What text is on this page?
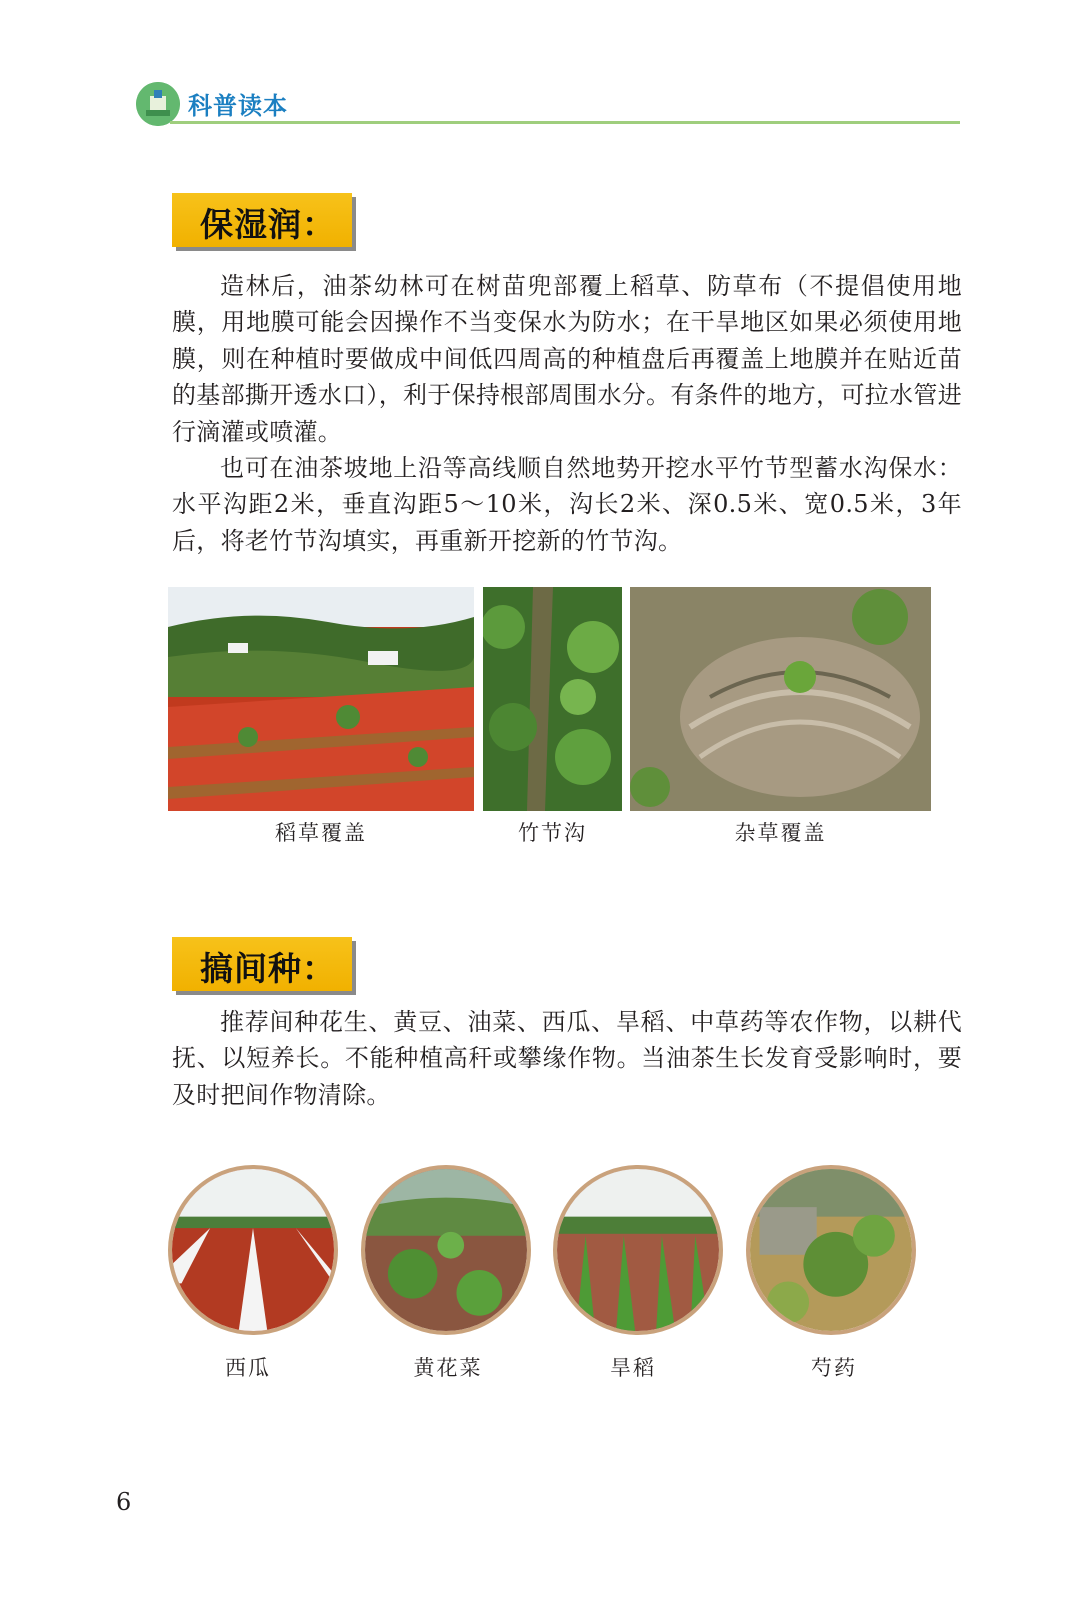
科普读本
保湿润：

造林后，油茶幼林可在树苗兜部覆上稻草、防草布（不提倡使用地膜，用地膜可能会因操作不当变保水为防水；在干旱地区如果必须使用地膜，则在种植时要做成中间低四周高的种植盘后再覆盖上地膜并在贴近苗的基部撕开透水口），利于保持根部周围水分。有条件的地方，可拉水管进行滴灌或喷灌。

也可在油茶坡地上沿等高线顺自然地势开挖水平竹节型蓄水沟保水：水平沟距2米，垂直沟距5～10米，沟长2米、深0.5米、宽0.5米，3年后，将老竹节沟填实，再重新开挖新的竹节沟。

稻草覆盖	竹节沟	杂草覆盖
搞间种：

推荐间种花生、黄豆、油菜、西瓜、旱稻、中草药等农作物，以耕代抚、以短养长。不能种植高秆或攀缘作物。当油茶生长发育受影响时，要及时把间作物清除。

西瓜	黄花菜	旱稻	芍药
6
